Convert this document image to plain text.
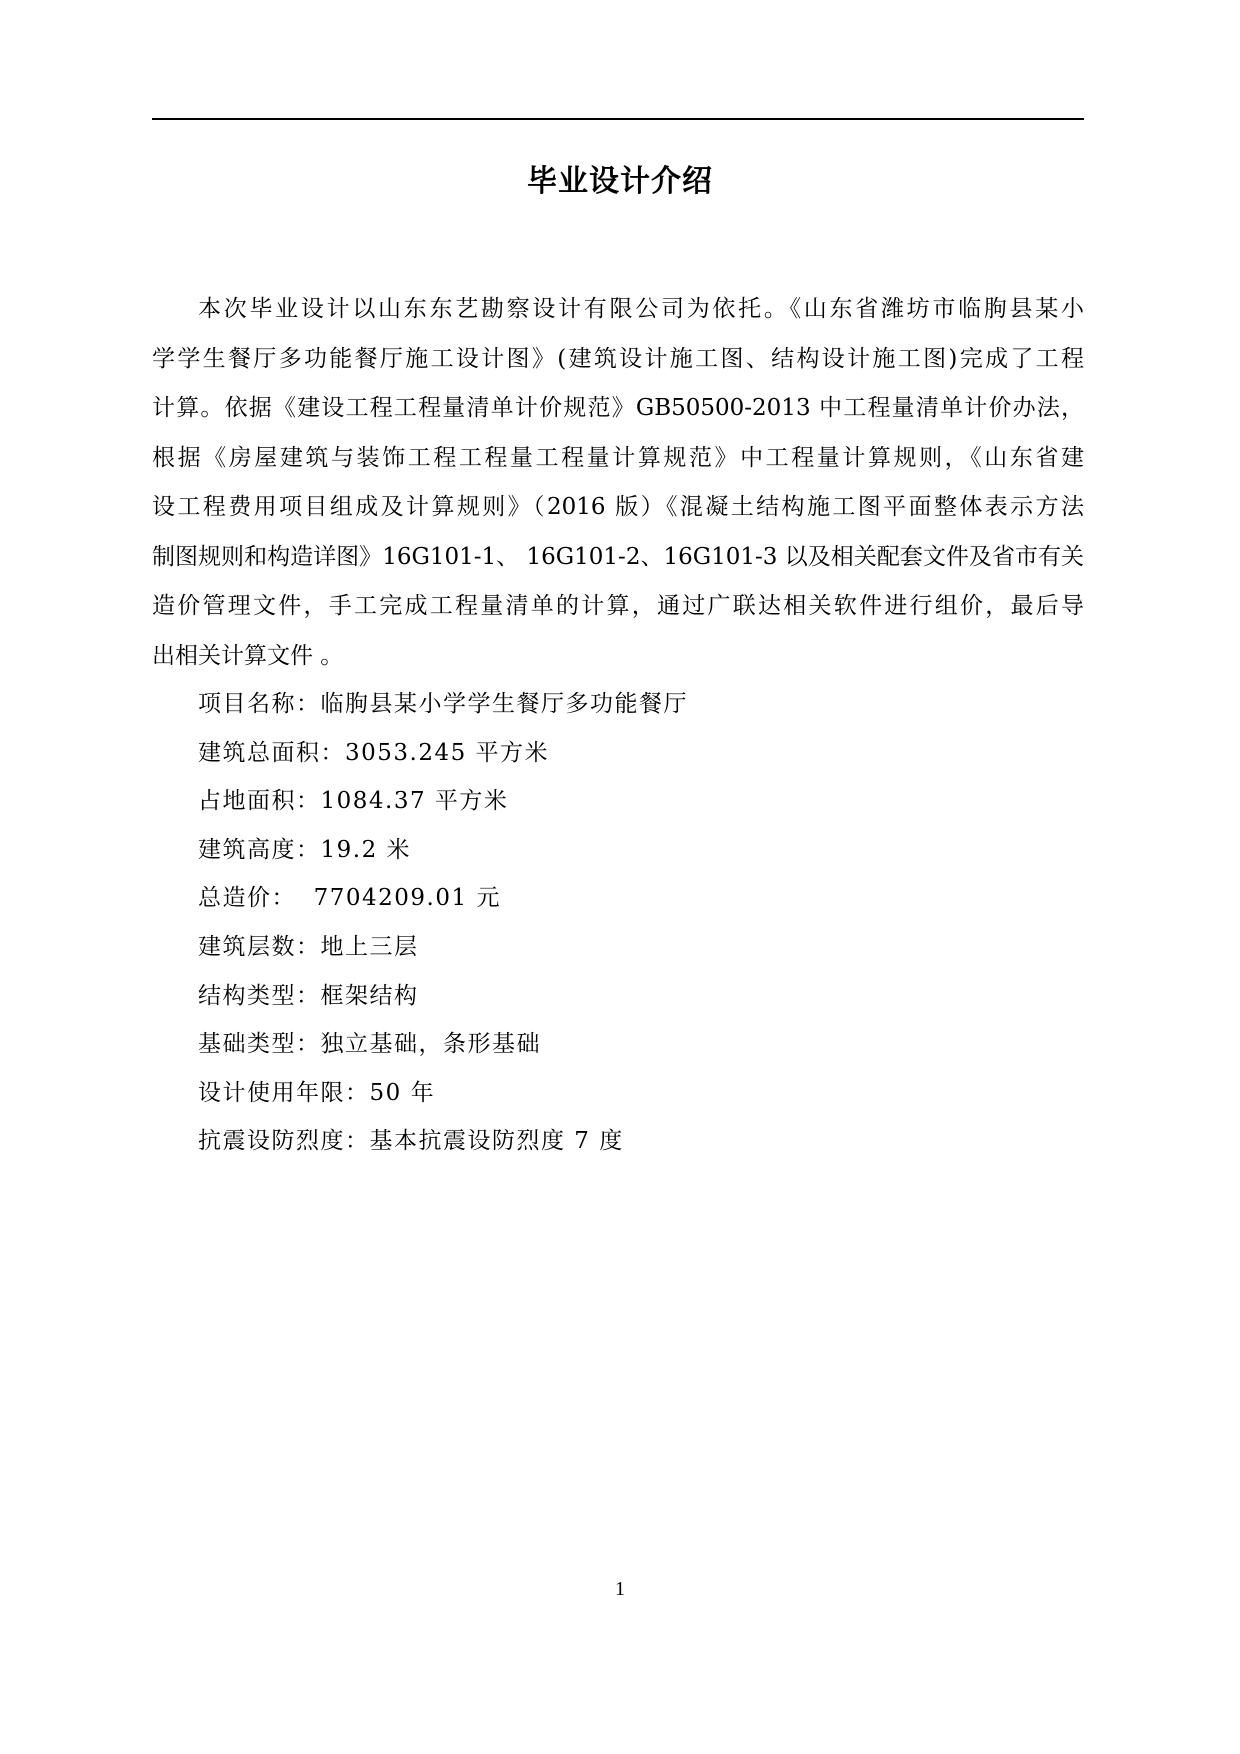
毕业设计介绍
本次毕业设计以山东东艺勘察设计有限公司为依托。《山东省潍坊市临朐县某小
学学生餐厅多功能餐厅施工设计图》(建筑设计施工图、结构设计施工图)完成了工程
计算。依据《建设工程工程量清单计价规范》GB50500-2013 中工程量清单计价办法，
根据《房屋建筑与装饰工程工程量工程量计算规范》中工程量计算规则，《山东省建
设工程费用项目组成及计算规则》（2016 版）《混凝土结构施工图平面整体表示方法
制图规则和构造详图》16G101-1、 16G101-2、16G101-3 以及相关配套文件及省市有关
造价管理文件，手工完成工程量清单的计算，通过广联达相关软件进行组价，最后导
出相关计算文件 。
项目名称：临朐县某小学学生餐厅多功能餐厅
建筑总面积：3053.245 平方米
占地面积：1084.37 平方米
建筑高度：19.2 米
总造价：  7704209.01 元
建筑层数：地上三层
结构类型：框架结构
基础类型：独立基础，条形基础
设计使用年限：50 年
抗震设防烈度：基本抗震设防烈度 7 度
1
